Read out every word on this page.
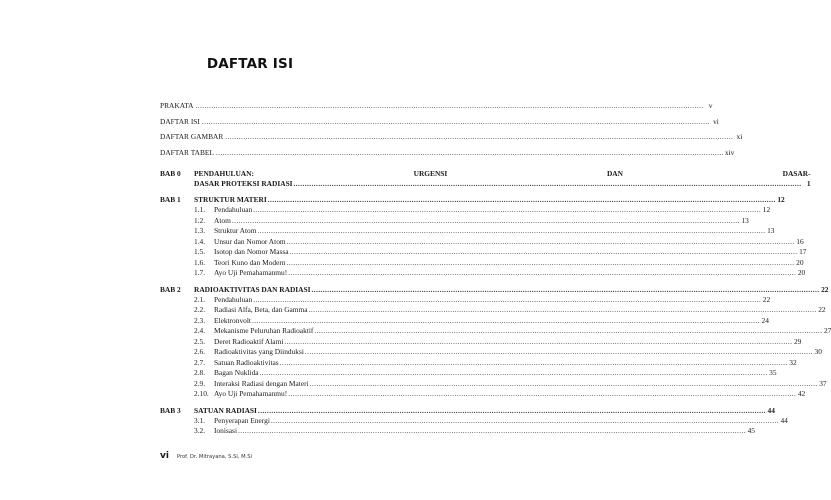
DAFTAR ISI
PRAKATA .....	v
DAFTAR ISI .....	vi
DAFTAR GAMBAR .....	xi
DAFTAR TABEL .....	xiv
BAB 0	PENDAHULUAN:	URGENSI	DAN	DASAR-
DASAR PROTEKSI RADIASI .....	1
BAB 1	STRUKTUR MATERI .....	12
1.1.	Pendahuluan .....	12
1.2.	Atom .....	13
1.3.	Struktur Atom .....	13
1.4.	Unsur dan Nomor Atom .....	16
1.5.	Isotop dan Nomor Massa .....	17
1.6.	Teori Kuno dan Modern .....	20
1.7.	Ayo Uji Pemahamanmu! .....	20
BAB 2	RADIOAKTIVITAS DAN RADIASI .....	22
2.1.	Pendahuluan .....	22
2.2.	Radiasi Alfa, Beta, dan Gamma .....	22
2.3.	Elektronvolt .....	24
2.4.	Mekanisme Peluruhan Radioaktif .....	27
2.5.	Deret Radioaktif Alami .....	29
2.6.	Radioaktivitas yang Diinduksi .....	30
2.7.	Satuan Radioaktivitas .....	32
2.8.	Bagan Nuklida .....	35
2.9.	Interaksi Radiasi dengan Materi .....	37
2.10. Ayo Uji Pemahamanmu! .....	42
BAB 3	SATUAN RADIASI .....	44
3.1.	Penyerapan Energi .....	44
3.2.	Ionisasi .....	45
vi Prof. Dr. Mitrayana, S.Si, M.Si
